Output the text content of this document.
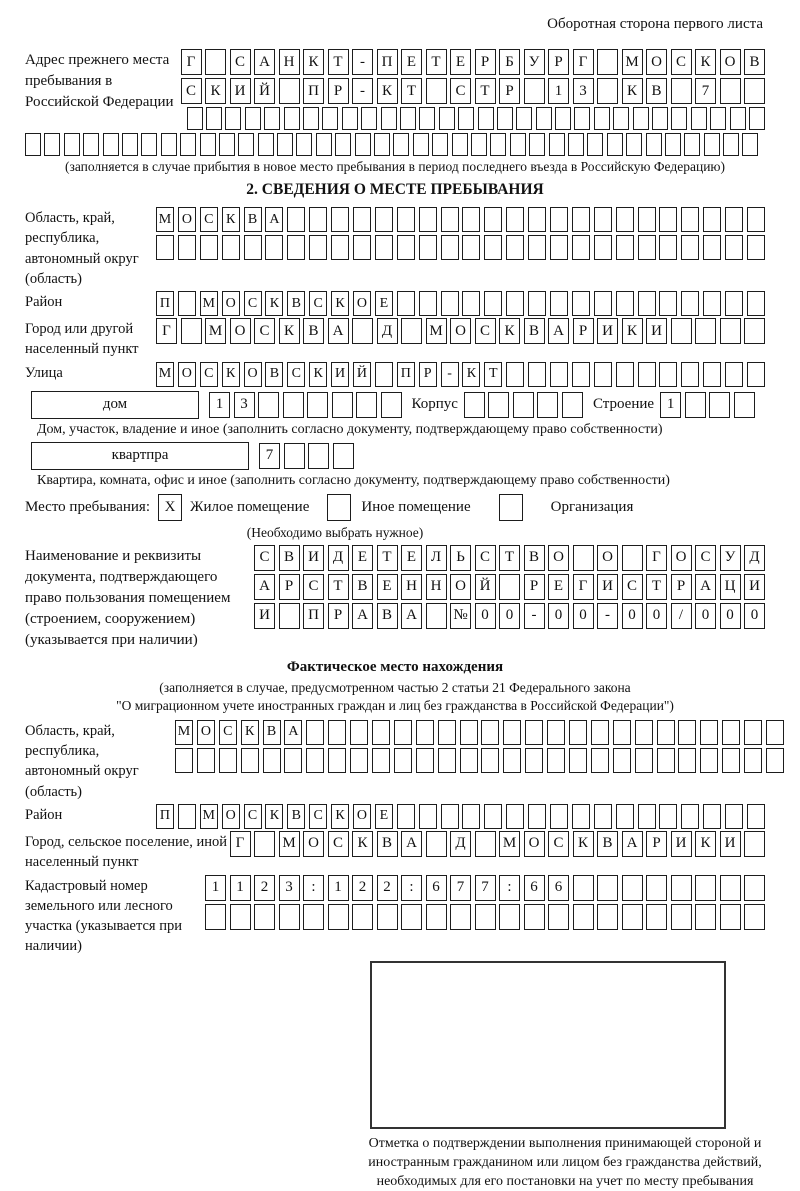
Оборотная сторона первого листа
Адрес прежнего места пребывания в Российской Федерации
Г	С А Н К Т	-	П Е	Т	Е	Р	Б У	Р	Г	М О С К О В
С К И Й	П Р	-	К Т	С Т	Р	1	3	К В	7
(заполняется в случае прибытия в новое место пребывания в период последнего въезда в Российскую Федерацию)
2. СВЕДЕНИЯ О МЕСТЕ ПРЕБЫВАНИЯ
Область, край, республика, автономный округ (область)
М О С К В А
Район	П М О С К В С К О Е
Город или другой населенный пункт
Г	М О С К В А	Д	М О С К В А Р И К И
Улица	М О С К О В С К И Й П Р	-	К Т
дом	1	3	Корпус	Строение 1
Дом, участок, владение и иное (заполнить согласно документу, подтверждающему право собственности)
квартпра	7
Квартира, комната, офис и иное (заполнить согласно документу, подтверждающему право собственности)
Место пребывания: X Жилое помещение	Иное помещение	Организация
(Необходимо выбрать нужное)
Наименование и реквизиты документа, подтверждающего право пользования помещением (строением, сооружением) (указывается при наличии)
С В И Д Е	Т	Е Л	Ь	С Т В О	О	Г О С У Д
А Р	С Т В Е Н Н О Й	Р	Е	Г И С Т	Р А Ц И
И	П Р А В А	№ 0	0	-	0	0	-	0	0	/	0	0	0
Фактическое место нахождения
(заполняется в случае, предусмотренном частью 2 статьи 21 Федерального закона
"О миграционном учете иностранных граждан и лиц без гражданства в Российской Федерации")
Область, край, республика, автономный округ (область)
М О С К В А
Район	П М О С К В С К О Е
Город, сельское поселение, иной населенный пункт
Г	М О С К В А	Д	М О С К В А Р И К И
Кадастровый номер земельного или лесного участка (указывается при наличии)
1	1	2	3	:	1	2	2	:	6	7	7	:	6	6
Отметка о подтверждении выполнения принимающей стороной и иностранным гражданином или лицом без гражданства действий, необходимых для его постановки на учет по месту пребывания
